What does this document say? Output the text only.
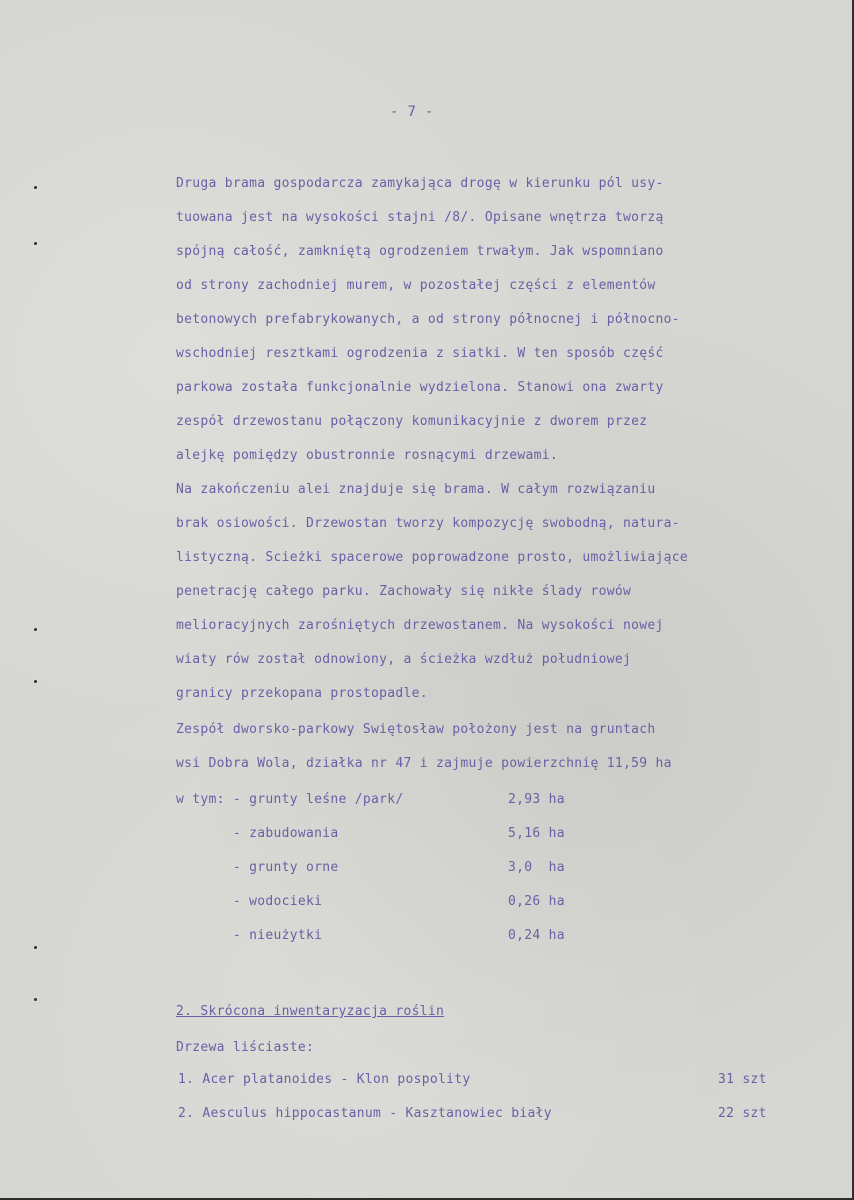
- 7 -
Druga brama gospodarcza zamykająca drogę w kierunku pól usy-
tuowana jest na wysokości stajni /8/. Opisane wnętrza tworzą
spójną całość, zamkniętą ogrodzeniem trwałym. Jak wspomniano
od strony zachodniej murem, w pozostałej części z elementów
betonowych prefabrykowanych, a od strony północnej i północno-
wschodniej resztkami ogrodzenia z siatki. W ten sposób część
parkowa została funkcjonalnie wydzielona. Stanowi ona zwarty
zespół drzewostanu połączony komunikacyjnie z dworem przez
alejkę pomiędzy obustronnie rosnącymi drzewami.
Na zakończeniu alei znajduje się brama. W całym rozwiązaniu
brak osiowości. Drzewostan tworzy kompozycję swobodną, natura-
listyczną. Scieżki spacerowe poprowadzone prosto, umożliwiające
penetrację całego parku. Zachowały się nikłe ślady rowów
melioracyjnych zarośniętych drzewostanem. Na wysokości nowej
wiaty rów został odnowiony, a ścieżka wzdłuż południowej
granicy przekopana prostopadle.
Zespół dworsko-parkowy Swiętosław położony jest na gruntach
wsi Dobra Wola, działka nr 47 i zajmuje powierzchnię 11,59 ha
w tym: - grunty leśne /park/	2,93 ha
- zabudowania	5,16 ha
- grunty orne	3,0  ha
- wodocieki	0,26 ha
- nieużytki	0,24 ha
2. Skrócona inwentaryzacja roślin
Drzewa liściaste:
1. Acer platanoides - Klon pospolity	31 szt
2. Aesculus hippocastanum - Kasztanowiec biały	22 szt
